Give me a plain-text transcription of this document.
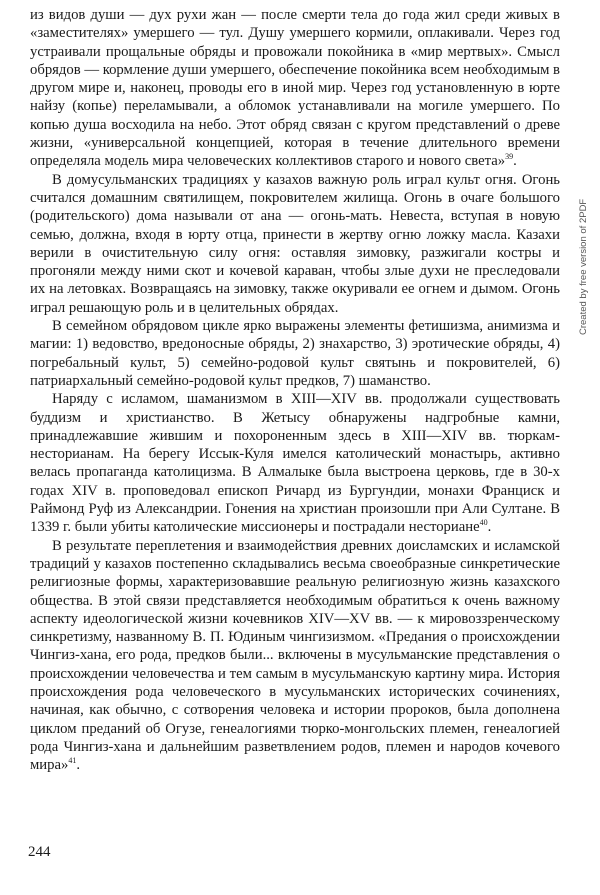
из видов души — дух рухи жан — после смерти тела до года жил среди живых в «заместителях» умершего — тул. Душу умершего кормили, оплакивали. Через год устраивали прощальные обряды и провожали покойника в «мир мертвых». Смысл обрядов — кормление души умершего, обеспечение покойника всем необходимым в другом мире и, наконец, проводы его в иной мир. Через год установленную в юрте найзу (копье) переламывали, а обломок устанавливали на могиле умершего. По копью душа восходила на небо. Этот обряд связан с кругом представлений о древе жизни, «универсальной концепцией, которая в течение длительного времени определяла модель мира человеческих коллективов старого и нового света»$^{39}$.

В домусульманских традициях у казахов важную роль играл культ огня. Огонь считался домашним святилищем, покровителем жилища. Огонь в очаге большого (родительского) дома называли от ана — огонь-мать. Невеста, вступая в новую семью, должна, входя в юрту отца, принести в жертву огню ложку масла. Казахи верили в очистительную силу огня: оставляя зимовку, разжигали костры и прогоняли между ними скот и кочевой караван, чтобы злые духи не преследовали их на летовках. Возвращаясь на зимовку, также окуривали ее огнем и дымом. Огонь играл решающую роль и в целительных обрядах.

В семейном обрядовом цикле ярко выражены элементы фетишизма, анимизма и магии: 1) ведовство, вредоносные обряды, 2) знахарство, 3) эротические обряды, 4) погребальный культ, 5) семейно-родовой культ святынь и покровителей, 6) патриархальный семейно-родовой культ предков, 7) шаманство.

Наряду с исламом, шаманизмом в XIII—XIV вв. продолжали существовать буддизм и христианство. В Жетысу обнаружены надгробные камни, принадлежавшие жившим и похороненным здесь в XIII—XIV вв. тюркам-несторианам. На берегу Иссык-Куля имелся католический монастырь, активно велась пропаганда католицизма. В Алмалыке была выстроена церковь, где в 30-х годах XIV в. проповедовал епископ Ричард из Бургундии, монахи Франциск и Раймонд Руф из Александрии. Гонения на христиан произошли при Али Султане. В 1339 г. были убиты католические миссионеры и пострадали несториане$^{40}$.

В результате переплетения и взаимодействия древних доисламских и исламской традиций у казахов постепенно складывались весьма своеобразные синкретические религиозные формы, характеризовавшие реальную религиозную жизнь казахского общества. В этой связи представляется необходимым обратиться к очень важному аспекту идеологической жизни кочевников XIV—XV вв. — к мировоззренческому синкретизму, названному В. П. Юдиным чингизизмом. «Предания о происхождении Чингиз-хана, его рода, предков были... включены в мусульманские представления о происхождении человечества и тем самым в мусульманскую картину мира. История происхождения рода человеческого в мусульманских исторических сочинениях, начиная, как обычно, с сотворения человека и истории пророков, была дополнена циклом преданий об Огузе, генеалогиями тюрко-монгольских племен, генеалогией рода Чингиз-хана и дальнейшим разветвлением родов, племен и народов кочевого мира»$^{41}$.

244
Created by free version of 2PDF
